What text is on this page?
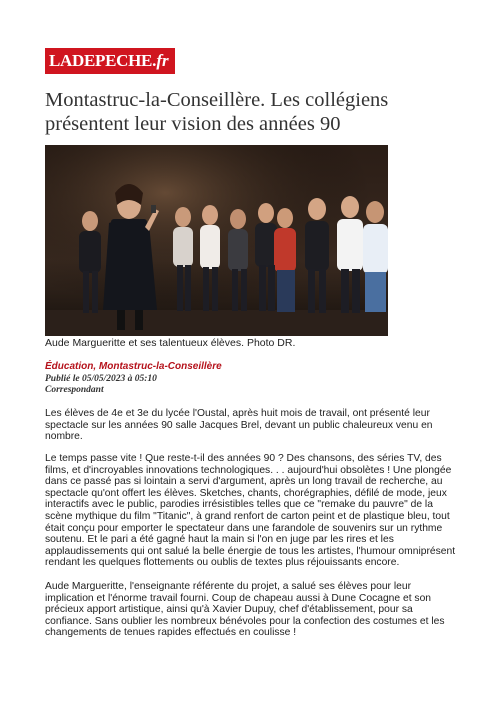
LADEPECHE . fr
Montastruc-la-Conseillère. Les collégiens présentent leur vision des années 90
Aude Margueritte et ses talentueux élèves. Photo DR.
Éducation, Montastruc-la-Conseillère
Publié le 05/05/2023 à 05:10
Correspondant

Les élèves de 4e et 3e du lycée l'Oustal, après huit mois de travail, ont présenté leur spectacle sur les années 90 salle Jacques Brel, devant un public chaleureux venu en nombre.

Le temps passe vite ! Que reste-t-il des années 90 ? Des chansons, des séries TV, des films, et d'incroyables innovations technologiques. . . aujourd'hui obsolètes ! Une plongée dans ce passé pas si lointain a servi d'argument, après un long travail de recherche, au spectacle qu'ont offert les élèves. Sketches, chants, chorégraphies, défilé de mode, jeux interactifs avec le public, parodies irrésistibles telles que ce "remake du pauvre" de la scène mythique du film "Titanic", à grand renfort de carton peint et de plastique bleu, tout était conçu pour emporter le spectateur dans une farandole de souvenirs sur un rythme soutenu. Et le pari a été gagné haut la main si l'on en juge par les rires et les applaudissements qui ont salué la belle énergie de tous les artistes, l'humour omniprésent rendant les quelques flottements ou oublis de textes plus réjouissants encore.

Aude Margueritte, l'enseignante référente du projet, a salué ses élèves pour leur implication et l'énorme travail fourni. Coup de chapeau aussi à Dune Cocagne et son précieux apport artistique, ainsi qu'à Xavier Dupuy, chef d'établissement, pour sa confiance. Sans oublier les nombreux bénévoles pour la confection des costumes et les changements de tenues rapides effectués en coulisse !
